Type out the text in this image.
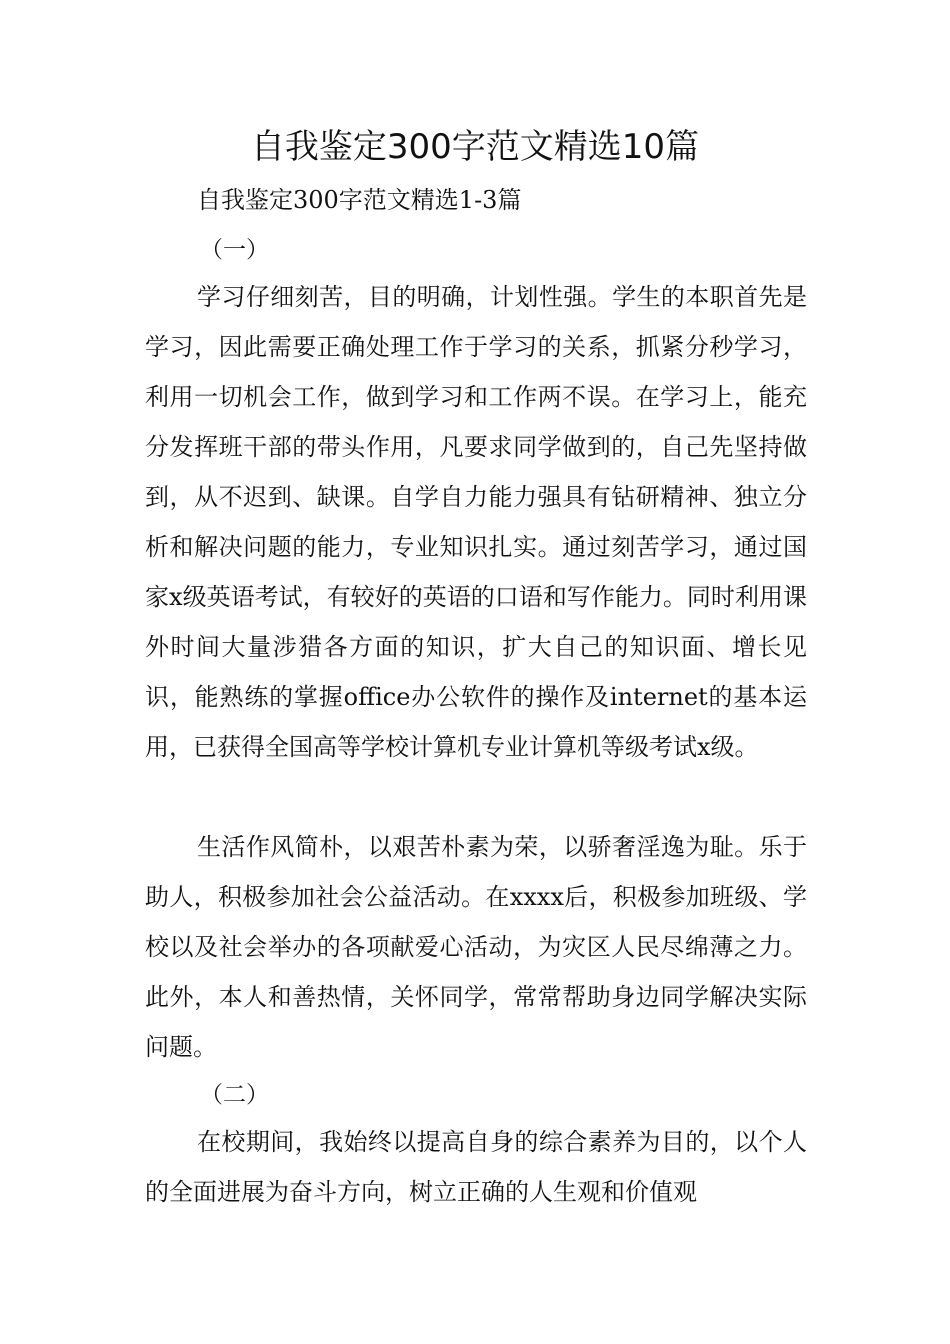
自我鉴定300字范文精选10篇

自我鉴定300字范文精选1-3篇

（一）

学习仔细刻苦，目的明确，计划性强。学生的本职首先是学习，因此需要正确处理工作于学习的关系，抓紧分秒学习，利用一切机会工作，做到学习和工作两不误。在学习上，能充分发挥班干部的带头作用，凡要求同学做到的，自己先坚持做到，从不迟到、缺课。自学自力能力强具有钻研精神、独立分析和解决问题的能力，专业知识扎实。通过刻苦学习，通过国家x级英语考试，有较好的英语的口语和写作能力。同时利用课外时间大量涉猎各方面的知识，扩大自己的知识面、增长见识，能熟练的掌握office办公软件的操作及internet的基本运用，已获得全国高等学校计算机专业计算机等级考试x级。

生活作风简朴，以艰苦朴素为荣，以骄奢淫逸为耻。乐于助人，积极参加社会公益活动。在xxxx后，积极参加班级、学校以及社会举办的各项献爱心活动，为灾区人民尽绵薄之力。此外，本人和善热情，关怀同学，常常帮助身边同学解决实际问题。

（二）

在校期间，我始终以提高自身的综合素养为目的，以个人的全面进展为奋斗方向，树立正确的人生观和价值观
